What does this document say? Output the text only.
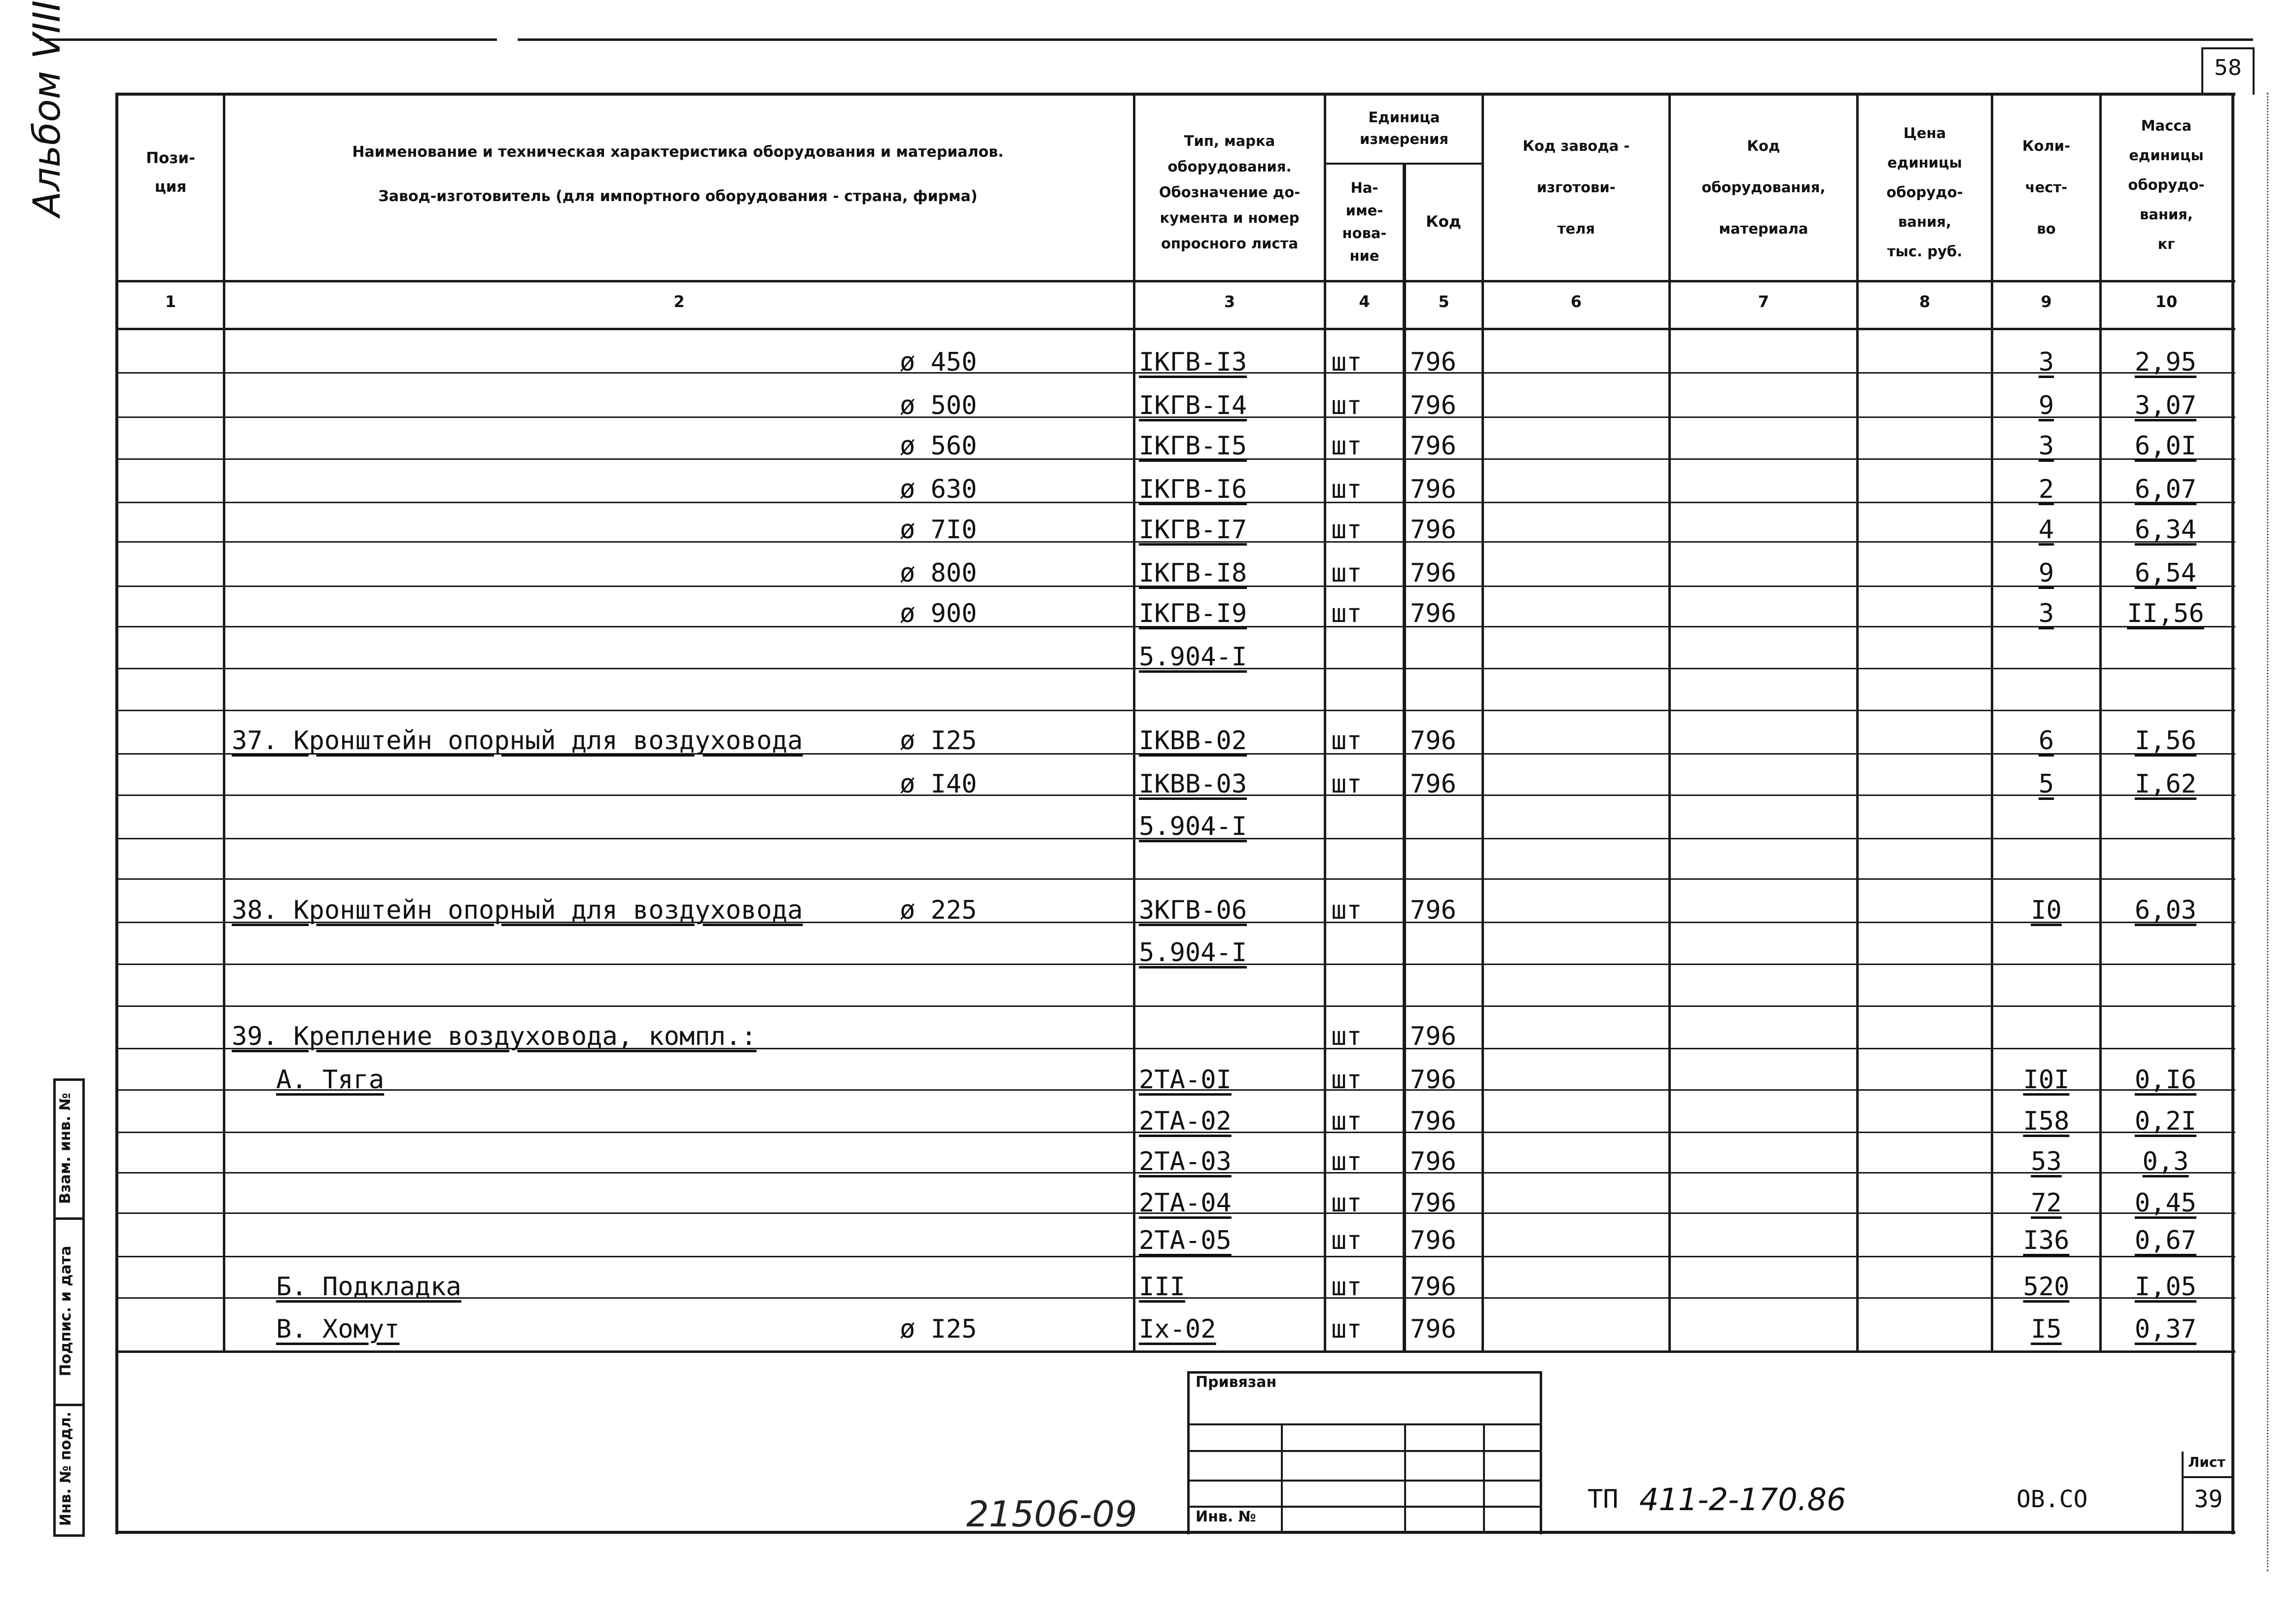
58
Альбом VIII	Пози-
ция
Наименование и техническая характеристика оборудования и материалов.
Завод-изготовитель (для импортного оборудования - страна, фирма)
Тип, марка
оборудования.
Обозначение до-
кумента и номер
опросного листа
Единица
измерения
На-
име-
нова-
ние
Код
Код завода -
изготови-
теля
Код
оборудования,
материала
Цена
единицы
оборудо-
вания,
тыс. руб.
Коли-
чест-
во
Масса
единицы
оборудо-
вания,
кг
1	2	3	4	5	6	7	8	9	10
ø 450	IKГB-I3	шт	796	3	2,95
ø 500	IKГB-I4	шт	796	9	3,07
ø 560	IKГB-I5	шт	796	3	6,0I
ø 630	IKГB-I6	шт	796	2	6,07
ø 7I0	IKГB-I7	шт	796	4	6,34
ø 800	IKГB-I8	шт	796	9	6,54
ø 900	IKГB-I9	шт	796	3	II,56
5.904-I
37. Кронштейн опорный для воздуховода	ø I25	IKBB-02	шт	796	6	I,56
ø I40	IKBB-03	шт	796	5	I,62
5.904-I
38. Кронштейн опорный для воздуховода	ø 225	3KГB-06	шт	796	I0	6,03
5.904-I
39. Крепление воздуховода, компл.:	шт	796
А. Тяга	2TA-0I	шт	796	I0I	0,I6
2TA-02	шт	796	I58	0,2I
2TA-03	шт	796	53	0,3
2TA-04	шт	796	72	0,45
2TA-05	шт	796	I36	0,67
Б. Подкладка	III	шт	796	520	I,05
В. Хомут	ø I25	Ix-02	шт	796	I5	0,37
Взам. инв. №
Подпис. и дата
Инв. № подл.
Привязан
Инв. №
21506-09	ТП 411-2-170.86	ОВ.СО
Лист
39
